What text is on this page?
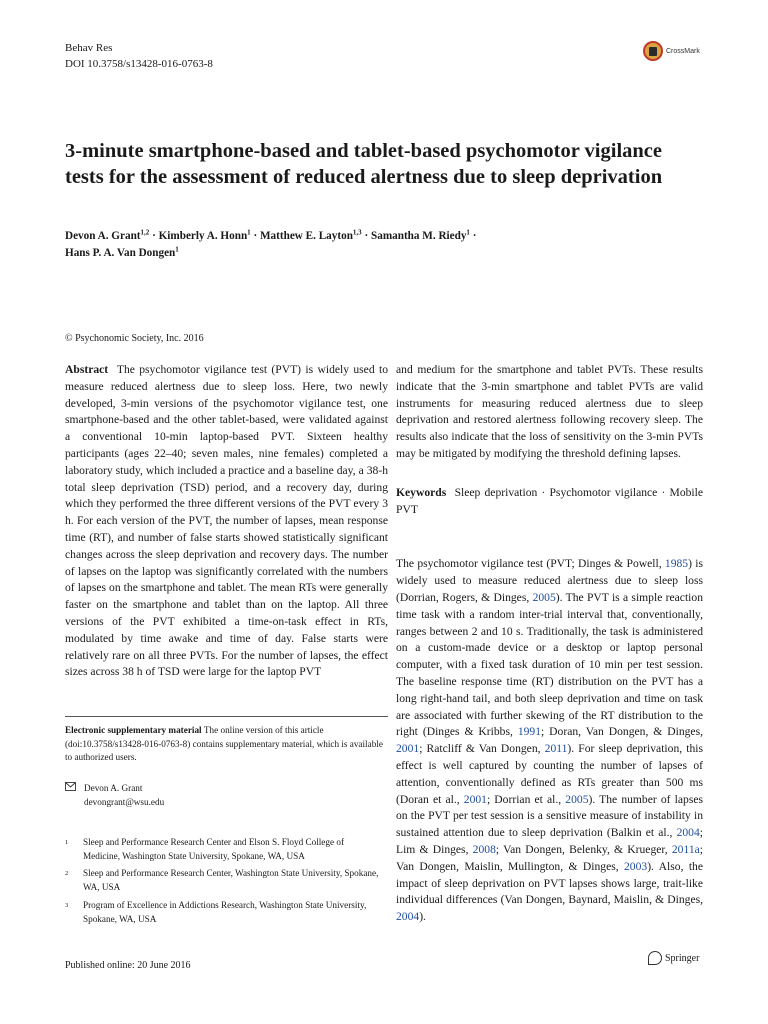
Behav Res
DOI 10.3758/s13428-016-0763-8
CrossMark
3-minute smartphone-based and tablet-based psychomotor vigilance tests for the assessment of reduced alertness due to sleep deprivation
Devon A. Grant$^{1,2}$ · Kimberly A. Honn$^1$ · Matthew E. Layton$^{1,3}$ · Samantha M. Riedy$^1$ ·
Hans P. A. Van Dongen$^1$
© Psychonomic Society, Inc. 2016

Abstract The psychomotor vigilance test (PVT) is widely used to measure reduced alertness due to sleep loss. Here, two newly developed, 3-min versions of the psychomotor vigilance test, one smartphone-based and the other tablet-based, were validated against a conventional 10-min laptop-based PVT. Sixteen healthy participants (ages 22–40; seven males, nine females) completed a laboratory study, which included a practice and a baseline day, a 38-h total sleep deprivation (TSD) period, and a recovery day, during which they performed the three different versions of the PVT every 3 h. For each version of the PVT, the number of lapses, mean response time (RT), and number of false starts showed statistically significant changes across the sleep deprivation and recovery days. The number of lapses on the laptop was significantly correlated with the numbers of lapses on the smartphone and tablet. The mean RTs were generally faster on the smartphone and tablet than on the laptop. All three versions of the PVT exhibited a time-on-task effect in RTs, modulated by time awake and time of day. False starts were relatively rare on all three PVTs. For the number of lapses, the effect sizes across 38 h of TSD were large for the laptop PVT

and medium for the smartphone and tablet PVTs. These results indicate that the 3-min smartphone and tablet PVTs are valid instruments for measuring reduced alertness due to sleep deprivation and restored alertness following recovery sleep. The results also indicate that the loss of sensitivity on the 3-min PVTs may be mitigated by modifying the threshold defining lapses.

Keywords Sleep deprivation · Psychomotor vigilance · Mobile PVT

The psychomotor vigilance test (PVT; Dinges & Powell, 1985) is widely used to measure reduced alertness due to sleep loss (Dorrian, Rogers, & Dinges, 2005). The PVT is a simple reaction time task with a random inter-trial interval that, conventionally, ranges between 2 and 10 s. Traditionally, the task is administered on a custom-made device or a desktop or laptop personal computer, with a fixed task duration of 10 min per test session. The baseline response time (RT) distribution on the PVT has a long right-hand tail, and both sleep deprivation and time on task are associated with further skewing of the RT distribution to the right (Dinges & Kribbs, 1991; Doran, Van Dongen, & Dinges, 2001; Ratcliff & Van Dongen, 2011). For sleep deprivation, this effect is well captured by counting the number of lapses of attention, conventionally defined as RTs greater than 500 ms (Doran et al., 2001; Dorrian et al., 2005). The number of lapses on the PVT per test session is a sensitive measure of instability in sustained attention due to sleep deprivation (Balkin et al., 2004; Lim & Dinges, 2008; Van Dongen, Belenky, & Krueger, 2011a; Van Dongen, Maislin, Mullington, & Dinges, 2003). Also, the impact of sleep deprivation on PVT lapses shows large, trait-like individual differences (Van Dongen, Baynard, Maislin, & Dinges, 2004).

Electronic supplementary material The online version of this article (doi:10.3758/s13428-016-0763-8) contains supplementary material, which is available to authorized users.
Devon A. Grant
devongrant@wsu.edu
1	Sleep and Performance Research Center and Elson S. Floyd College of Medicine, Washington State University, Spokane, WA, USA
2	Sleep and Performance Research Center, Washington State University, Spokane, WA, USA
3	Program of Excellence in Addictions Research, Washington State University, Spokane, WA, USA
Published online: 20 June 2016
Springer
